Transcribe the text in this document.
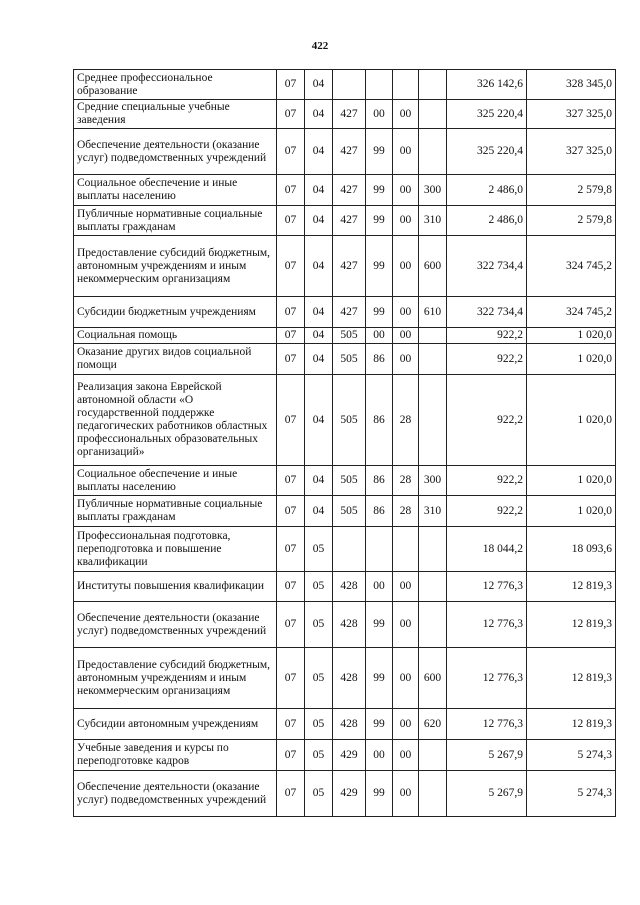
422
Среднее профессиональное образование	07	04					326 142,6	328 345,0
Средние специальные учебные заведения	07	04	427	00	00		325 220,4	327 325,0
Обеспечение деятельности (оказание услуг) подведомственных учреждений	07	04	427	99	00		325 220,4	327 325,0
Социальное обеспечение и иные выплаты населению	07	04	427	99	00	300	2 486,0	2 579,8
Публичные нормативные социальные выплаты гражданам	07	04	427	99	00	310	2 486,0	2 579,8
Предоставление субсидий бюджетным, автономным учреждениям и иным некоммерческим организациям	07	04	427	99	00	600	322 734,4	324 745,2
Субсидии бюджетным учреждениям	07	04	427	99	00	610	322 734,4	324 745,2
Социальная помощь	07	04	505	00	00		922,2	1 020,0
Оказание других видов социальной помощи	07	04	505	86	00		922,2	1 020,0
Реализация закона Еврейской автономной области «О государственной поддержке педагогических работников областных профессиональных образовательных организаций»	07	04	505	86	28		922,2	1 020,0
Социальное обеспечение и иные выплаты населению	07	04	505	86	28	300	922,2	1 020,0
Публичные нормативные социальные выплаты гражданам	07	04	505	86	28	310	922,2	1 020,0
Профессиональная подготовка, переподготовка и повышение квалификации	07	05					18 044,2	18 093,6
Институты повышения квалификации	07	05	428	00	00		12 776,3	12 819,3
Обеспечение деятельности (оказание услуг) подведомственных учреждений	07	05	428	99	00		12 776,3	12 819,3
Предоставление субсидий бюджетным, автономным учреждениям и иным некоммерческим организациям	07	05	428	99	00	600	12 776,3	12 819,3
Субсидии автономным учреждениям	07	05	428	99	00	620	12 776,3	12 819,3
Учебные заведения и курсы по переподготовке кадров	07	05	429	00	00		5 267,9	5 274,3
Обеспечение деятельности (оказание услуг) подведомственных учреждений	07	05	429	99	00		5 267,9	5 274,3
